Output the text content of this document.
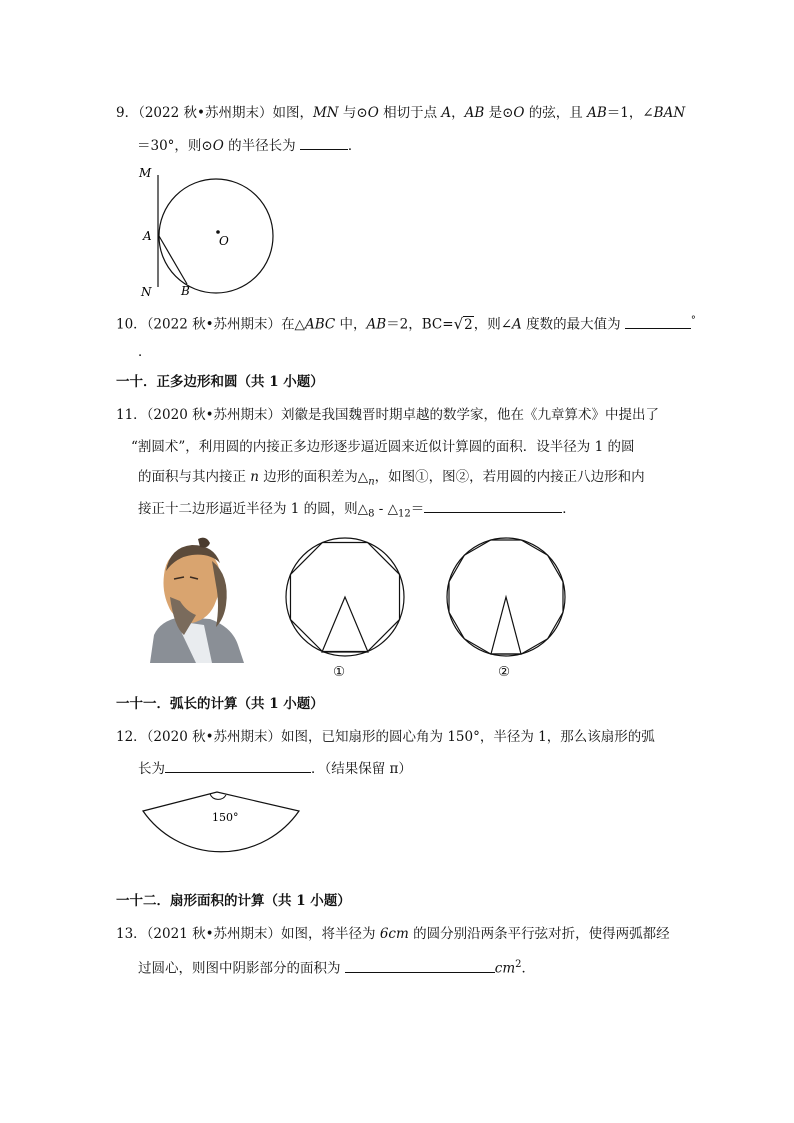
9．（2022 秋•苏州期末）如图，MN 与⊙O 相切于点 A，AB 是⊙O 的弦，且 AB＝1，∠BAN
＝30°，则⊙O 的半径长为	．
M
A
N B
O
10．（2022 秋•苏州期末）在△ABC 中，AB＝2，BC=√2，则∠A 度数的最大值为	°
．
一十．正多边形和圆（共 1 小题）
11．（2020 秋•苏州期末）刘徽是我国魏晋时期卓越的数学家，他在《九章算术》中提出了
“割圆术”，利用圆的内接正多边形逐步逼近圆来近似计算圆的面积．设半径为 1 的圆
的面积与其内接正 n 边形的面积差为$\triangle_n$，如图①，图②，若用圆的内接正八边形和内
接正十二边形逼近半径为 1 的圆，则$\triangle_8$ - $\triangle_{12}=$	．
①	②
一十一．弧长的计算（共 1 小题）
12．（2020 秋•苏州期末）如图，已知扇形的圆心角为 150°，半径为 1，那么该扇形的弧
长为	．（结果保留 π）
150°
一十二．扇形面积的计算（共 1 小题）
13．（2021 秋•苏州期末）如图，将半径为 6cm 的圆分别沿两条平行弦对折，使得两弧都经
过圆心，则图中阴影部分的面积为	$cm^2$．
